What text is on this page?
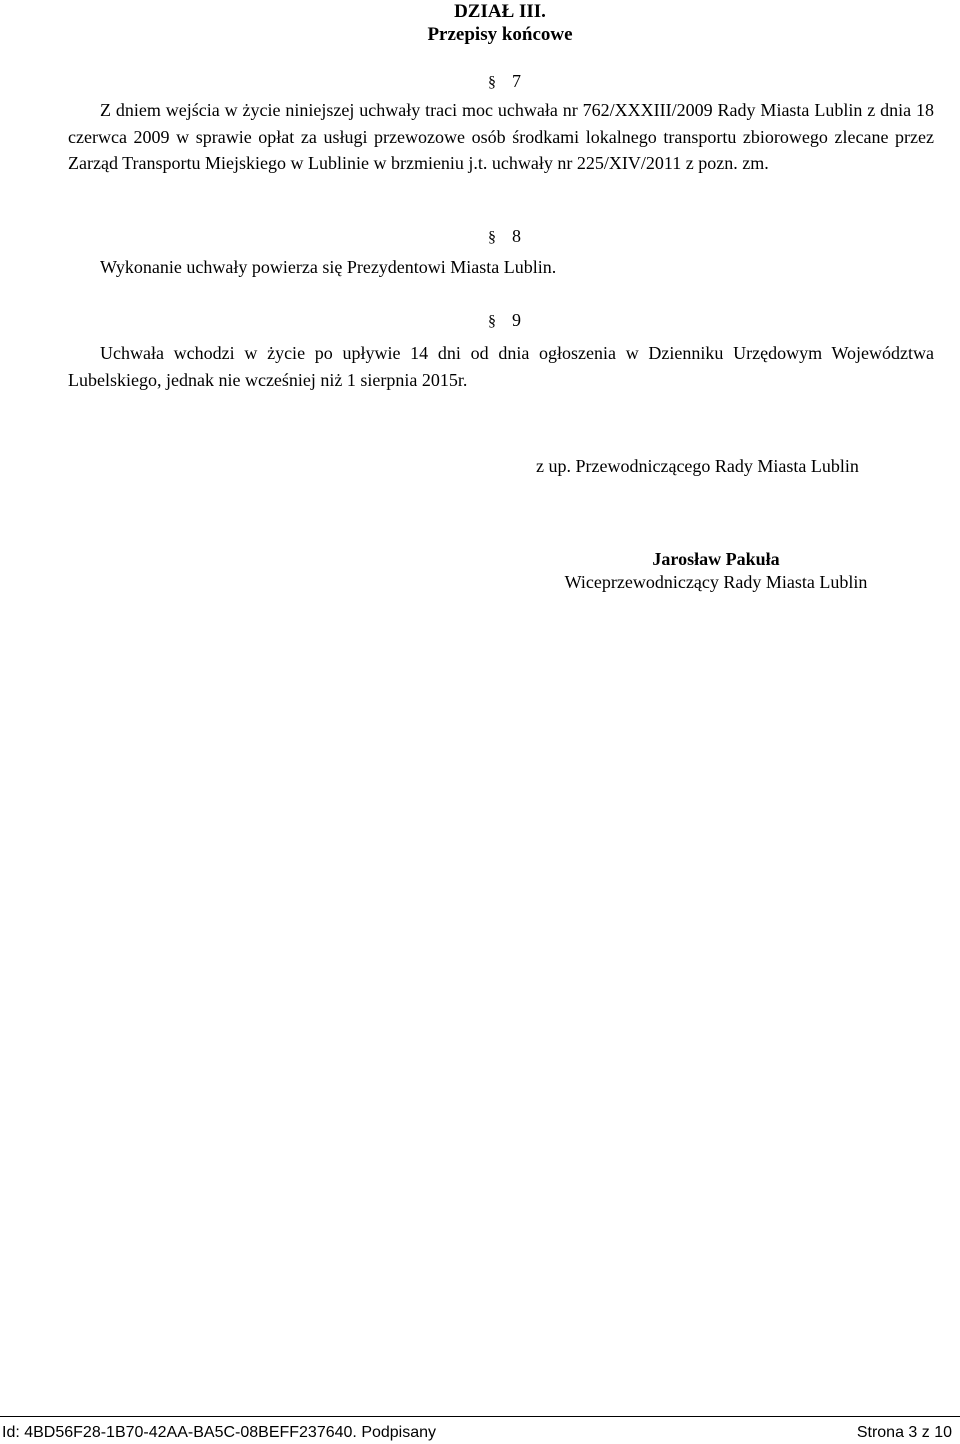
DZIAŁ III.
Przepisy końcowe
§ 7
Z dniem wejścia w życie niniejszej uchwały traci moc uchwała nr 762/XXXIII/2009 Rady Miasta Lublin z dnia 18 czerwca 2009 w sprawie opłat za usługi przewozowe osób środkami lokalnego transportu zbiorowego zlecane przez Zarząd Transportu Miejskiego w Lublinie w brzmieniu j.t. uchwały nr 225/XIV/2011 z pozn. zm.
§ 8
Wykonanie uchwały powierza się Prezydentowi Miasta Lublin.
§ 9
Uchwała wchodzi w życie po upływie 14 dni od dnia ogłoszenia w Dzienniku Urzędowym Województwa Lubelskiego, jednak nie wcześniej niż 1 sierpnia 2015r.
z up. Przewodniczącego Rady Miasta Lublin
Jarosław Pakuła
Wiceprzewodniczący Rady Miasta Lublin
Id: 4BD56F28-1B70-42AA-BA5C-08BEFF237640. Podpisany	Strona 3 z 10
